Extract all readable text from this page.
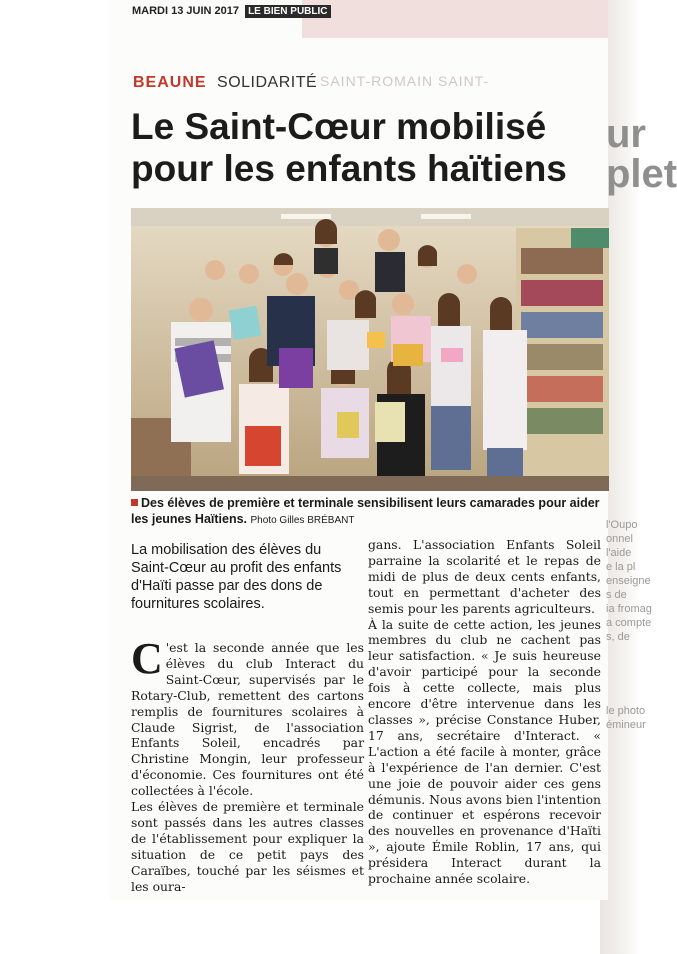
MARDI 13 JUIN 2017 LE BIEN PUBLIC
ur
plet
l'Oupo
onnel
l'aide
e la pl
enseigne
s de
ia fromag
a compte
s, de
le photo
émineur
SAINT-ROMAIN SAINT-
BEAUNE SOLIDARITÉ
Le Saint-Cœur mobilisé
pour les enfants haïtiens
Des élèves de première et terminale sensibilisent leurs camarades pour aider les jeunes Haïtiens. Photo Gilles BRÉBANT

La mobilisation des élèves du Saint-Cœur au profit des enfants d'Haïti passe par des dons de fournitures scolaires.

C 'est la seconde année que les élèves du club Interact du Saint-Cœur, supervisés par le Rotary-Club, remettent des cartons remplis de fournitures scolaires à Claude Sigrist, de l'association Enfants Soleil, encadrés par Christine Mongin, leur professeur d'économie. Ces fournitures ont été collectées à l'école.

Les élèves de première et terminale sont passés dans les autres classes de l'établissement pour expliquer la situation de ce petit pays des Caraïbes, touché par les séismes et les oura-

gans. L'association Enfants Soleil parraine la scolarité et le repas de midi de plus de deux cents enfants, tout en permettant d'acheter des semis pour les parents agriculteurs.

À la suite de cette action, les jeunes membres du club ne cachent pas leur satisfaction. « Je suis heureuse d'avoir participé pour la seconde fois à cette collecte, mais plus encore d'être intervenue dans les classes », précise Constance Huber, 17 ans, secrétaire d'Interact. « L'action a été facile à monter, grâce à l'expérience de l'an dernier. C'est une joie de pouvoir aider ces gens démunis. Nous avons bien l'intention de continuer et espérons recevoir des nouvelles en provenance d'Haïti », ajoute Émile Roblin, 17 ans, qui présidera Interact durant la prochaine année scolaire.
